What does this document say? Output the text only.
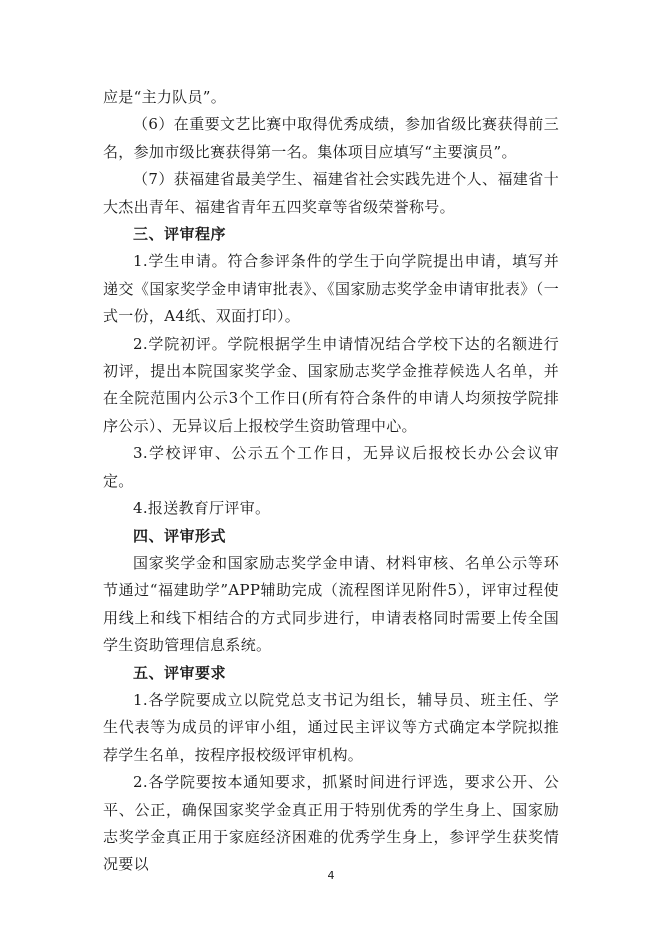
应是“主力队员”。

（6）在重要文艺比赛中取得优秀成绩，参加省级比赛获得前三名，参加市级比赛获得第一名。集体项目应填写“主要演员”。

（7）获福建省最美学生、福建省社会实践先进个人、福建省十大杰出青年、福建省青年五四奖章等省级荣誉称号。

三、评审程序

1.学生申请。符合参评条件的学生于向学院提出申请，填写并递交《国家奖学金申请审批表》、《国家励志奖学金申请审批表》（一式一份，A4纸、双面打印）。

2.学院初评。学院根据学生申请情况结合学校下达的名额进行初评，提出本院国家奖学金、国家励志奖学金推荐候选人名单，并在全院范围内公示3个工作日(所有符合条件的申请人均须按学院排序公示）、无异议后上报校学生资助管理中心。

3.学校评审、公示五个工作日，无异议后报校长办公会议审定。

4.报送教育厅评审。

四、评审形式

国家奖学金和国家励志奖学金申请、材料审核、名单公示等环节通过“福建助学”APP辅助完成（流程图详见附件5），评审过程使用线上和线下相结合的方式同步进行，申请表格同时需要上传全国学生资助管理信息系统。

五、评审要求

1.各学院要成立以院党总支书记为组长，辅导员、班主任、学生代表等为成员的评审小组，通过民主评议等方式确定本学院拟推荐学生名单，按程序报校级评审机构。

2.各学院要按本通知要求，抓紧时间进行评选，要求公开、公平、公正，确保国家奖学金真正用于特别优秀的学生身上、国家励志奖学金真正用于家庭经济困难的优秀学生身上，参评学生获奖情况要以

4
